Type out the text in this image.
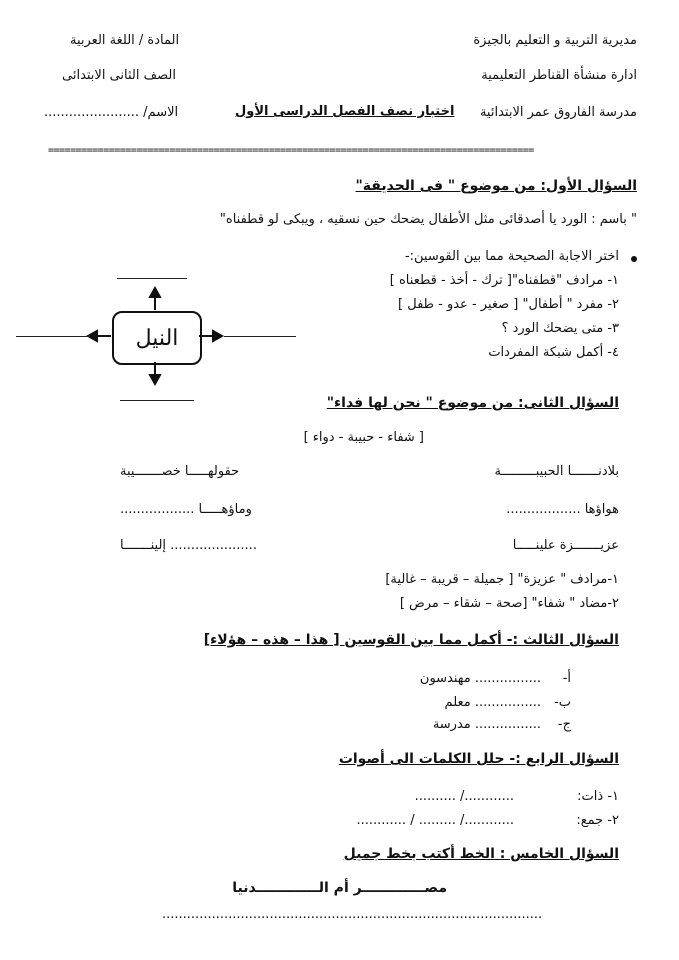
مديرية التربية و التعليم بالجيزة
ادارة منشأة القناطر التعليمية
مدرسة الفاروق عمر الابتدائية
المادة / اللغة العربية
الصف الثانى الابتدائى
اختبار نصف الفصل الدراسى الأول
الاسم/ .......................
========================================================================================
السؤال الأول: من موضوع " فى الحديقة"
" باسم : الورد يا أصدقائى مثل الأطفال يضحك حين نسقيه ، ويبكى لو قطفناه"
اختر الاجابة الصحيحة مما بين القوسين:-
١- مرادف "قطفناه"[ ترك - أخذ - قطعناه ]
٢- مفرد " أطفال" [ صغير - عدو - طفل ]
٣- متى يضحك الورد ؟
٤- أكمل شبكة المفردات
النيل
السؤال الثانى: من موضوع " نحن لها فداء"
[ شفاء - حبيبة - دواء ]
بلادنـــــــا الحبيبـــــــــة
حقولهـــــا خصـــــــيبة
هواؤها ..................
وماؤهـــــا ..................
عزيـــــــزة علينـــــا
..................... إلينـــــــا
١-مرادف " عزيزة" [ جميلة – قريبة – غالية]
٢-مضاد " شفاء" [صحة – شقاء – مرض ]
السؤال الثالث :- أكمل مما بين القوسين [ هذا – هذه – هؤلاء]
أ-
................ مهندسون
ب-
................ معلم
ج-
................ مدرسة
السؤال الرابع :- حلل الكلمات الى أصوات
١- ذات:
............/ ..........
٢- جمع:
............/ ......... / ............
السؤال الخامس : الخط أكتب بخط جميل
مصـــــــــــــر أم الـــــــــــــدنيا
............................................................................................
